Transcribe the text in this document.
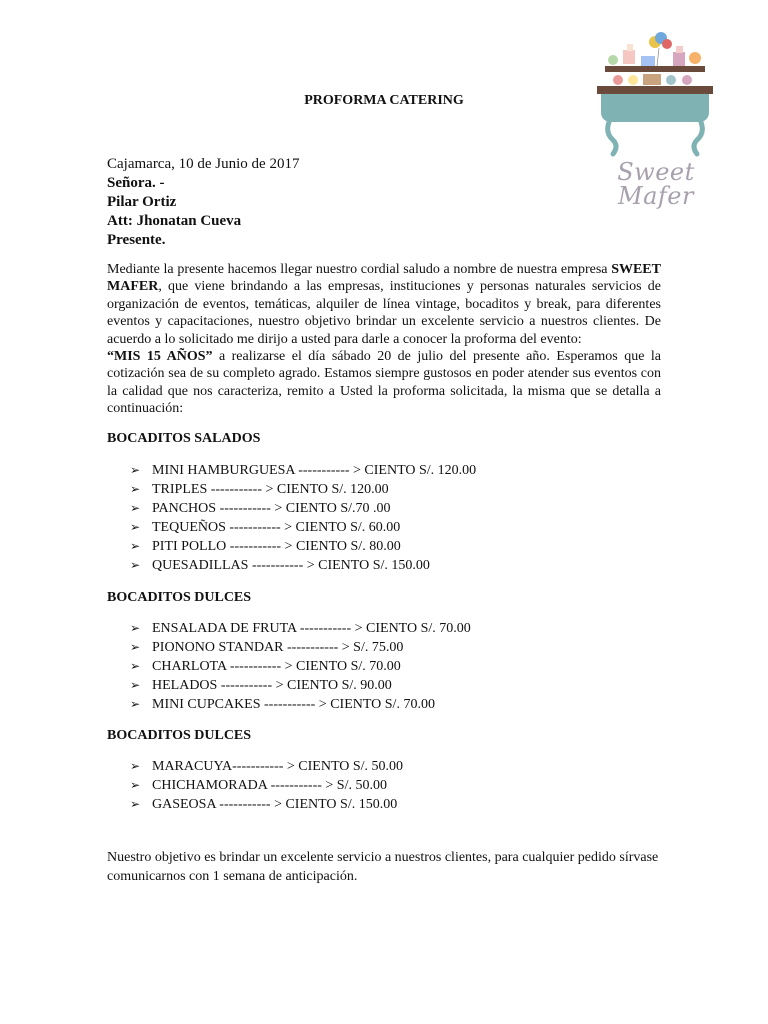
Sweet Mafer
PROFORMA CATERING
Cajamarca, 10 de Junio de 2017
Señora. -
Pilar Ortiz
Att: Jhonatan Cueva
Presente.
Mediante la presente hacemos llegar nuestro cordial saludo a nombre de nuestra empresa SWEET MAFER, que viene brindando a las empresas, instituciones y personas naturales servicios de organización de eventos, temáticas, alquiler de línea vintage, bocaditos y break, para diferentes eventos y capacitaciones, nuestro objetivo brindar un excelente servicio a nuestros clientes. De acuerdo a lo solicitado me dirijo a usted para darle a conocer la proforma del evento:
“MIS 15 AÑOS” a realizarse el día sábado 20 de julio del presente año. Esperamos que la cotización sea de su completo agrado. Estamos siempre gustosos en poder atender sus eventos con la calidad que nos caracteriza, remito a Usted la proforma solicitada, la misma que se detalla a continuación:
BOCADITOS SALADOS
➢ MINI HAMBURGUESA ----------- > CIENTO S/. 120.00
➢ TRIPLES ----------- > CIENTO S/. 120.00
➢ PANCHOS ----------- > CIENTO S/.70 .00
➢ TEQUEÑOS ----------- > CIENTO S/. 60.00
➢ PITI POLLO ----------- > CIENTO S/. 80.00
➢ QUESADILLAS ----------- > CIENTO S/. 150.00
BOCADITOS DULCES
➢ ENSALADA DE FRUTA ----------- > CIENTO S/. 70.00
➢ PIONONO STANDAR ----------- > S/. 75.00
➢ CHARLOTA ----------- > CIENTO S/. 70.00
➢ HELADOS ----------- > CIENTO S/. 90.00
➢ MINI CUPCAKES ----------- > CIENTO S/. 70.00
BOCADITOS DULCES
➢ MARACUYA----------- > CIENTO S/. 50.00
➢ CHICHAMORADA ----------- > S/. 50.00
➢ GASEOSA ----------- > CIENTO S/. 150.00
Nuestro objetivo es brindar un excelente servicio a nuestros clientes, para cualquier pedido sírvase comunicarnos con 1 semana de anticipación.
